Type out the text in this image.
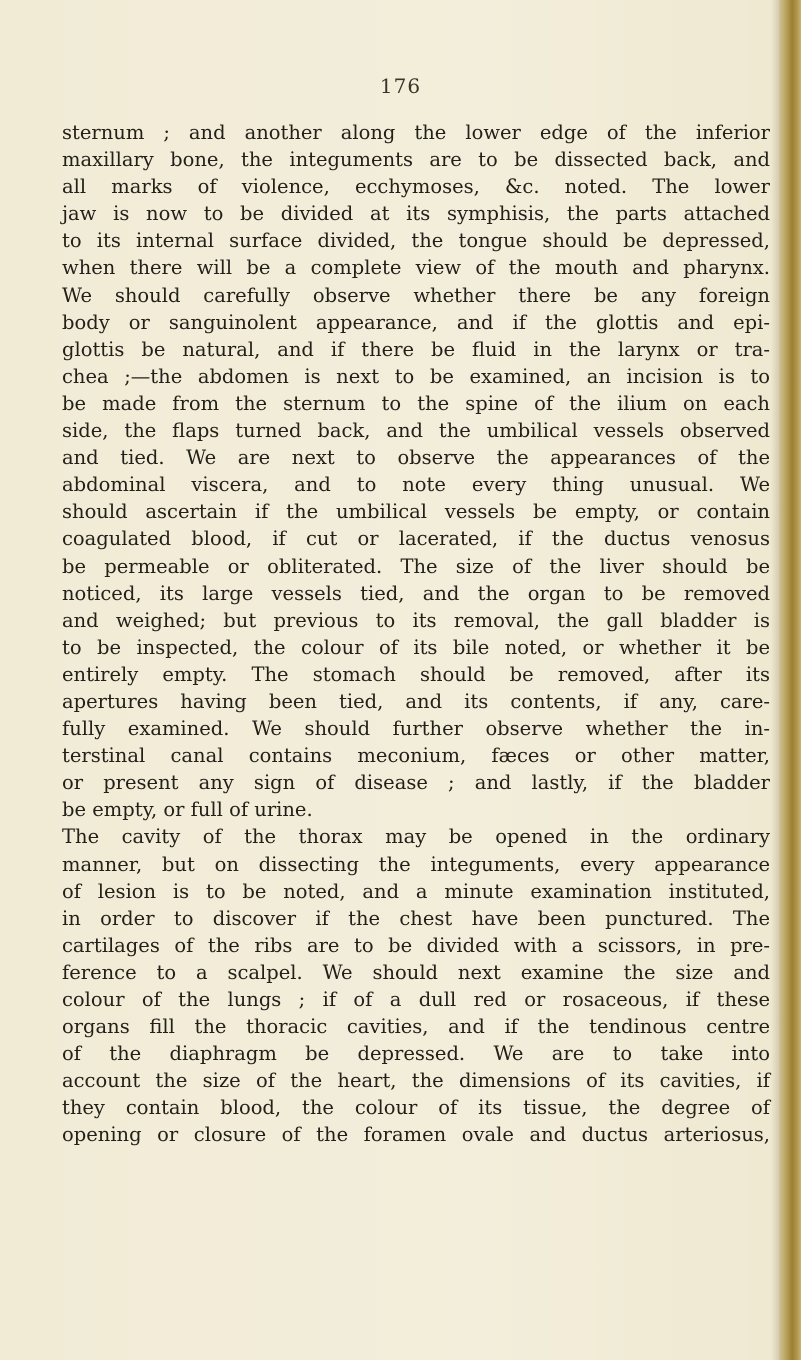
176
sternum ; and another along the lower edge of the inferior
maxillary bone, the integuments are to be dissected back, and
all marks of violence, ecchymoses, &c. noted. The lower
jaw is now to be divided at its symphisis, the parts attached
to its internal surface divided, the tongue should be depressed,
when there will be a complete view of the mouth and pharynx.
We should carefully observe whether there be any foreign
body or sanguinolent appearance, and if the glottis and epi-
glottis be natural, and if there be fluid in the larynx or tra-
chea ;—the abdomen is next to be examined, an incision is to
be made from the sternum to the spine of the ilium on each
side, the flaps turned back, and the umbilical vessels observed
and tied. We are next to observe the appearances of the
abdominal viscera, and to note every thing unusual. We
should ascertain if the umbilical vessels be empty, or contain
coagulated blood, if cut or lacerated, if the ductus venosus
be permeable or obliterated. The size of the liver should be
noticed, its large vessels tied, and the organ to be removed
and weighed; but previous to its removal, the gall bladder is
to be inspected, the colour of its bile noted, or whether it be
entirely empty. The stomach should be removed, after its
apertures having been tied, and its contents, if any, care-
fully examined. We should further observe whether the in-
terstinal canal contains meconium, fæces or other matter,
or present any sign of disease ; and lastly, if the bladder
be empty, or full of urine.
The cavity of the thorax may be opened in the ordinary
manner, but on dissecting the integuments, every appearance
of lesion is to be noted, and a minute examination instituted,
in order to discover if the chest have been punctured. The
cartilages of the ribs are to be divided with a scissors, in pre-
ference to a scalpel. We should next examine the size and
colour of the lungs ; if of a dull red or rosaceous, if these
organs fill the thoracic cavities, and if the tendinous centre
of the diaphragm be depressed. We are to take into
account the size of the heart, the dimensions of its cavities, if
they contain blood, the colour of its tissue, the degree of
opening or closure of the foramen ovale and ductus arteriosus,
